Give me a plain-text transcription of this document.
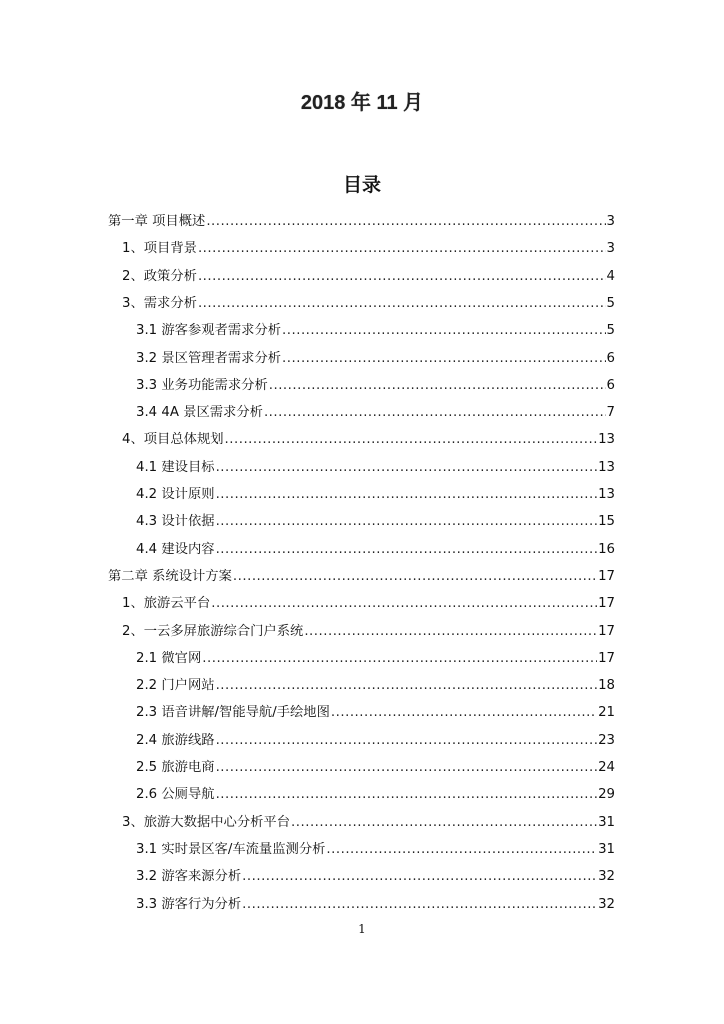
2018 年 11 月
目录
第一章 项目概述 .....	3
1、项目背景 .....	3
2、政策分析 .....	4
3、需求分析 .....	5
3.1 游客参观者需求分析 .....	5
3.2 景区管理者需求分析 .....	6
3.3 业务功能需求分析 .....	6
3.4 4A 景区需求分析 .....	7
4、项目总体规划 .....	13
4.1 建设目标 .....	13
4.2 设计原则 .....	13
4.3 设计依据 .....	15
4.4 建设内容 .....	16
第二章 系统设计方案 .....	17
1、旅游云平台 .....	17
2、一云多屏旅游综合门户系统 .....	17
2.1 微官网 .....	17
2.2 门户网站 .....	18
2.3 语音讲解/智能导航/手绘地图 .....	21
2.4 旅游线路 .....	23
2.5 旅游电商 .....	24
2.6 公厕导航 .....	29
3、旅游大数据中心分析平台 .....	31
3.1 实时景区客/车流量监测分析 .....	31
3.2 游客来源分析 .....	32
3.3 游客行为分析 .....	32
1
